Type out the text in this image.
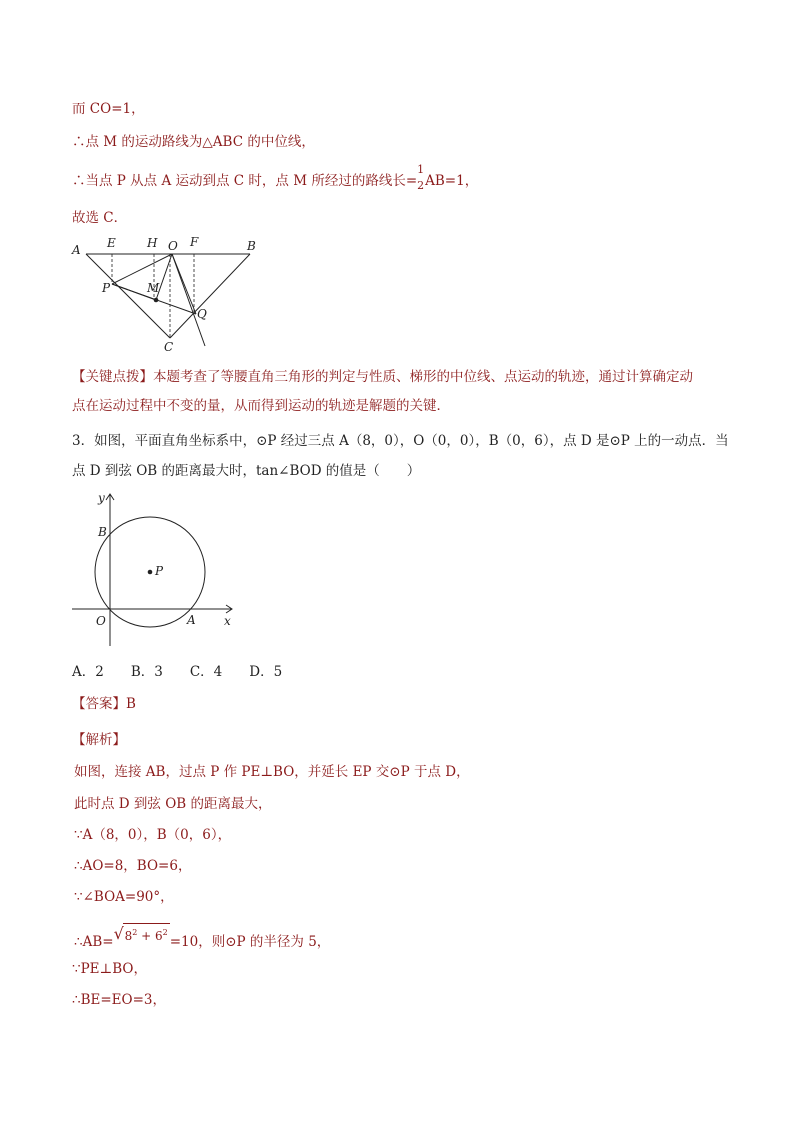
而 CO=1，
∴点 M 的运动路线为△ABC 的中位线，
∴当点 P 从点 A 运动到点 C 时，点 M 所经过的路线长=
1
2 AB=1，
故选 C．
A E	H O F	B
P	M
Q
C
【关键点拨】本题考查了等腰直角三角形的判定与性质、梯形的中位线、点运动的轨迹，通过计算确定动
点在运动过程中不变的量，从而得到运动的轨迹是解题的关键．
3．如图，平面直角坐标系中，⊙P 经过三点 A（8，0），O（0，0），B（0，6），点 D 是⊙P 上的一动点．当
点 D 到弦 OB 的距离最大时，tan∠BOD 的值是（　　）
y
B
P
O	A x
A．2　　B．3　　C．4　　D．5
【答案】B
【解析】
如图，连接 AB，过点 P 作 PE⊥BO，并延长 EP 交⊙P 于点 D，
此时点 D 到弦 OB 的距离最大，
∵A（8，0），B（0，6），
∴AO=8，BO=6，
∵∠BOA=90°，
∴AB= √ $8^2 + 6^2=10$，则⊙P 的半径为 5，
∵PE⊥BO，
∴BE=EO=3，
